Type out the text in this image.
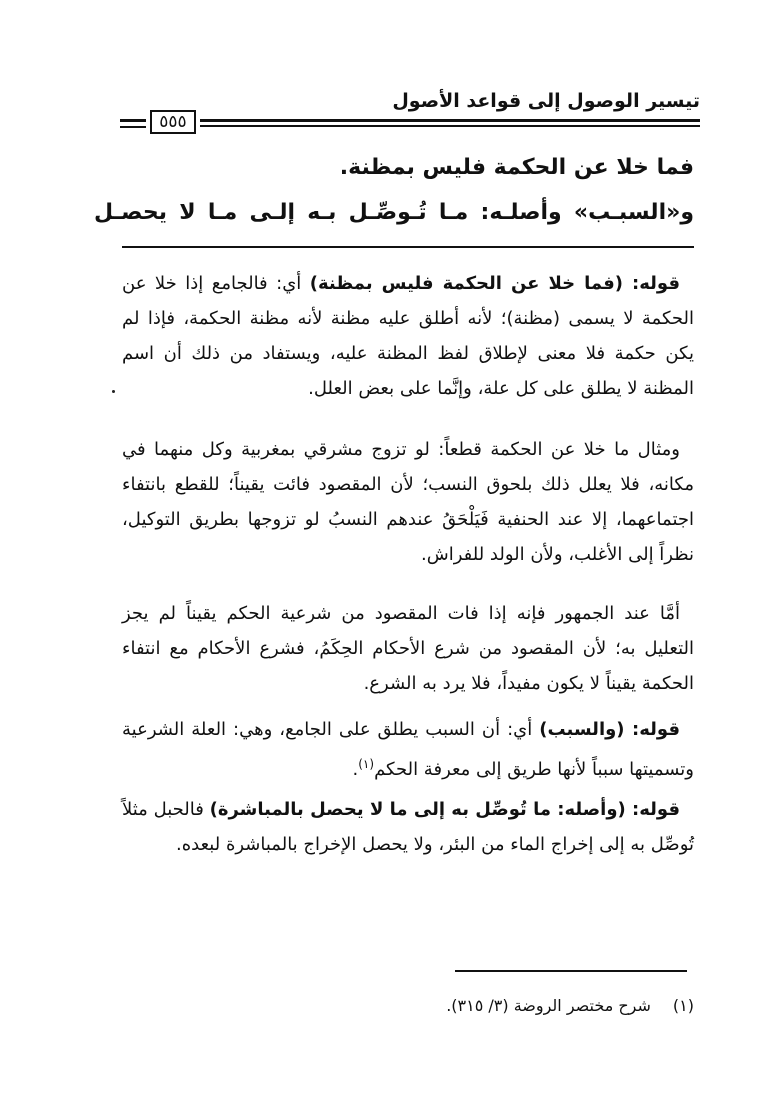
تيسير الوصول إلى قواعد الأصول
٥٥٥
فما خلا عن الحكمة فليس بمظنة.
و«السبـب» وأصلـه: مـا تُـوصِّـل بـه إلـى مـا لا يحصـل
قوله: (فما خلا عن الحكمة فليس بمظنة) أي: فالجامع إذا خلا عن الحكمة لا يسمى (مظنة)؛ لأنه أطلق عليه مظنة لأنه مظنة الحكمة، فإذا لم يكن حكمة فلا معنى لإطلاق لفظ المظنة عليه، ويستفاد من ذلك أن اسم المظنة لا يطلق على كل علة، وإنَّما على بعض العلل.
ومثال ما خلا عن الحكمة قطعاً: لو تزوج مشرقي بمغربية وكل منهما في مكانه، فلا يعلل ذلك بلحوق النسب؛ لأن المقصود فائت يقيناً؛ للقطع بانتفاء اجتماعهما، إلا عند الحنفية فَيَلْحَقُ عندهم النسبُ لو تزوجها بطريق التوكيل، نظراً إلى الأغلب، ولأن الولد للفراش.
أمَّا عند الجمهور فإنه إذا فات المقصود من شرعية الحكم يقيناً لم يجز التعليل به؛ لأن المقصود من شرع الأحكام الحِكَمُ، فشرع الأحكام مع انتفاء الحكمة يقيناً لا يكون مفيداً، فلا يرد به الشرع.
قوله: (والسبب) أي: أن السبب يطلق على الجامع، وهي: العلة الشرعية وتسميتها سبباً لأنها طريق إلى معرفة الحكم$^{(١)}$.
قوله: (وأصله: ما تُوصِّل به إلى ما لا يحصل بالمباشرة) فالحبل مثلاً تُوصِّل به إلى إخراج الماء من البئر، ولا يحصل الإخراج بالمباشرة لبعده.
(١)شرح مختصر الروضة (٣/ ٣١٥).
